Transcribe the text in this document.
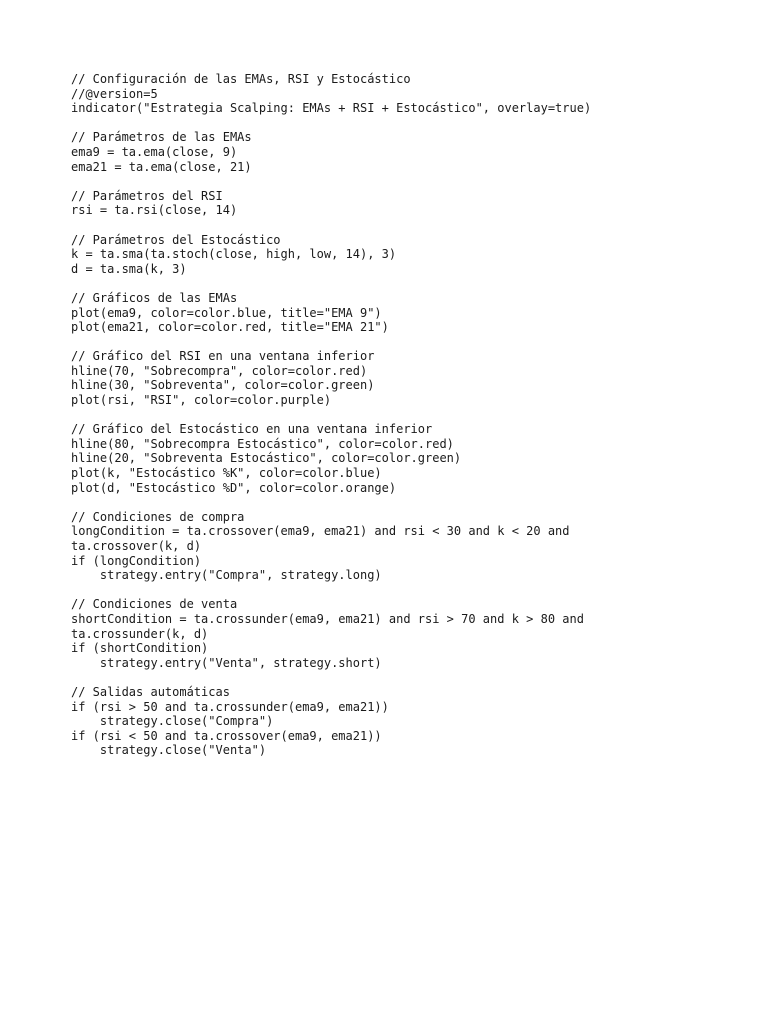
// Configuración de las EMAs, RSI y Estocástico
//@version=5
indicator("Estrategia Scalping: EMAs + RSI + Estocástico", overlay=true)
// Parámetros de las EMAs
ema9 = ta.ema(close, 9)
ema21 = ta.ema(close, 21)
// Parámetros del RSI
rsi = ta.rsi(close, 14)
// Parámetros del Estocástico
k = ta.sma(ta.stoch(close, high, low, 14), 3)
d = ta.sma(k, 3)
// Gráficos de las EMAs
plot(ema9, color=color.blue, title="EMA 9")
plot(ema21, color=color.red, title="EMA 21")
// Gráfico del RSI en una ventana inferior
hline(70, "Sobrecompra", color=color.red)
hline(30, "Sobreventa", color=color.green)
plot(rsi, "RSI", color=color.purple)
// Gráfico del Estocástico en una ventana inferior
hline(80, "Sobrecompra Estocástico", color=color.red)
hline(20, "Sobreventa Estocástico", color=color.green)
plot(k, "Estocástico %K", color=color.blue)
plot(d, "Estocástico %D", color=color.orange)
// Condiciones de compra
longCondition = ta.crossover(ema9, ema21) and rsi < 30 and k < 20 and
ta.crossover(k, d)
if (longCondition)
strategy.entry("Compra", strategy.long)
// Condiciones de venta
shortCondition = ta.crossunder(ema9, ema21) and rsi > 70 and k > 80 and
ta.crossunder(k, d)
if (shortCondition)
strategy.entry("Venta", strategy.short)
// Salidas automáticas
if (rsi > 50 and ta.crossunder(ema9, ema21))
strategy.close("Compra")
if (rsi < 50 and ta.crossover(ema9, ema21))
strategy.close("Venta")
